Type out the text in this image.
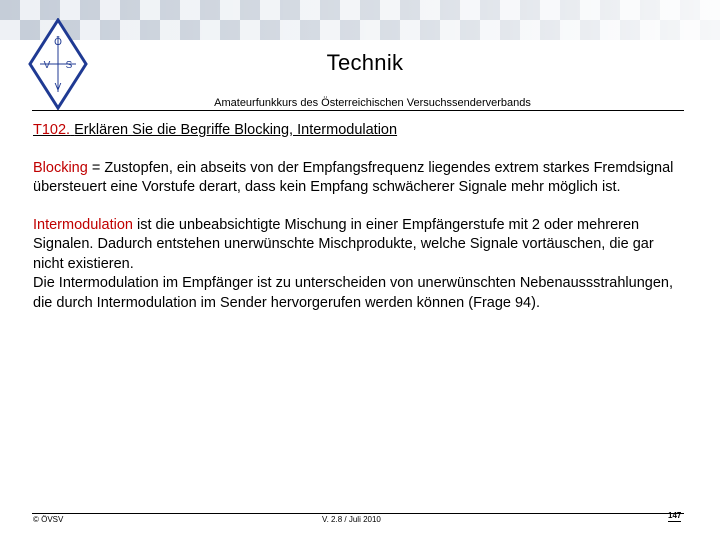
Ö
V S
V
Technik
Amateurfunkkurs des Österreichischen Versuchssenderverbands
T102. Erklären Sie die Begriffe Blocking, Intermodulation
Blocking = Zustopfen, ein abseits von der Empfangsfrequenz liegendes extrem starkes Fremdsignal übersteuert eine Vorstufe derart, dass kein Empfang schwächerer Signale mehr möglich ist.
Intermodulation ist die unbeabsichtigte Mischung in einer Empfängerstufe mit 2 oder mehreren Signalen. Dadurch entstehen unerwünschte Mischprodukte, welche Signale vortäuschen, die gar nicht existieren.
Die Intermodulation im Empfänger ist zu unterscheiden von unerwünschten Nebenaussstrahlungen, die durch Intermodulation im Sender hervorgerufen werden können (Frage 94).
© ÖVSV	V. 2.8 / Juli 2010	147
